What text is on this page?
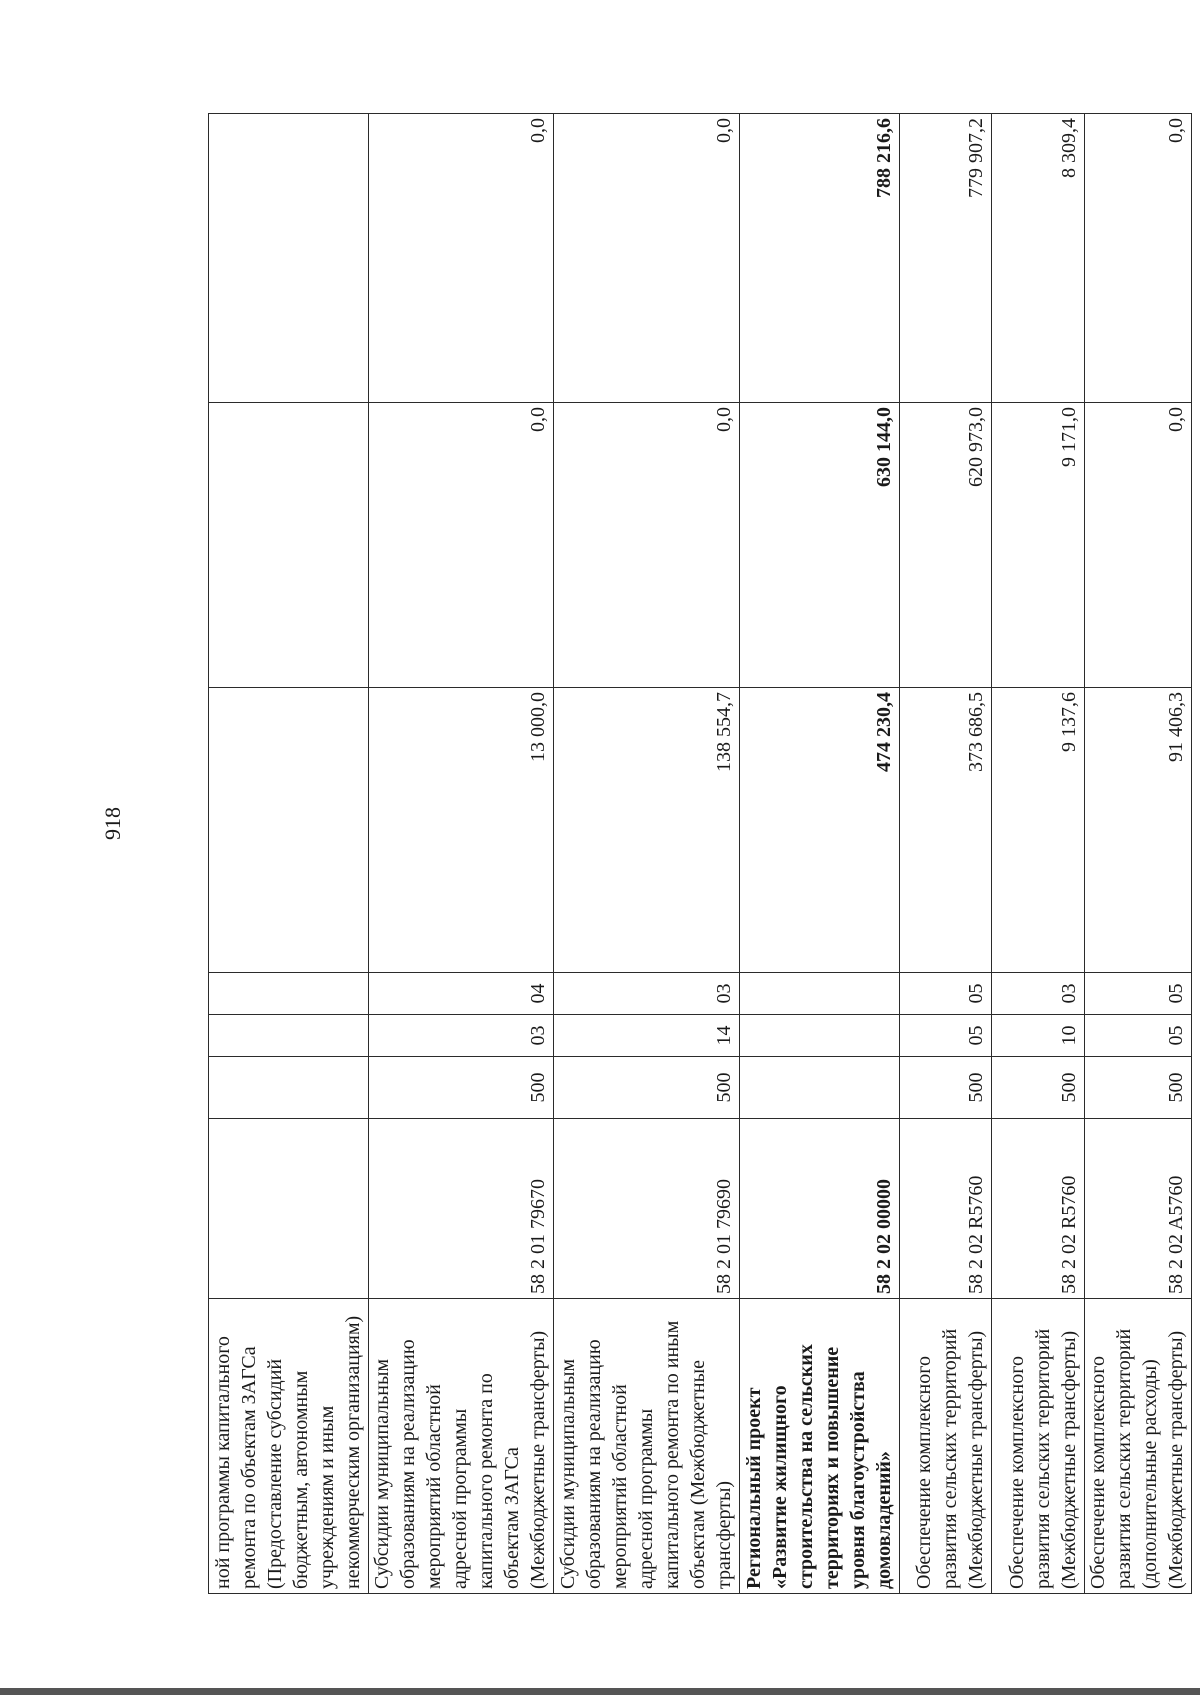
918
ной программы капитального ремонта по объектам ЗАГСа (Предоставление субсидий бюджетным, автономным учреждениям и иным некоммерческим организациям)							
Субсидии муниципальным образованиям на реализацию мероприятий областной адресной программы капитального ремонта по объектам ЗАГСа (Межбюджетные трансферты)	58 2 01 79670	500	03	04	13 000,0	0,0	0,0
Субсидии муниципальным образованиям на реализацию мероприятий областной адресной программы капитального ремонта по иным объектам (Межбюджетные трансферты)	58 2 01 79690	500	14	03	138 554,7	0,0	0,0
Региональный проект «Развитие жилищного строительства на сельских территориях и повышение уровня благоустройства домовладений»	58 2 02 00000				474 230,4	630 144,0	788 216,6
Обеспечение комплексного развития сельских территорий (Межбюджетные трансферты)	58 2 02 R5760	500	05	05	373 686,5	620 973,0	779 907,2
Обеспечение комплексного развития сельских территорий (Межбюджетные трансферты)	58 2 02 R5760	500	10	03	9 137,6	9 171,0	8 309,4
Обеспечение комплексного развития сельских территорий (дополнительные расходы) (Межбюджетные трансферты)	58 2 02 A5760	500	05	05	91 406,3	0,0	0,0
